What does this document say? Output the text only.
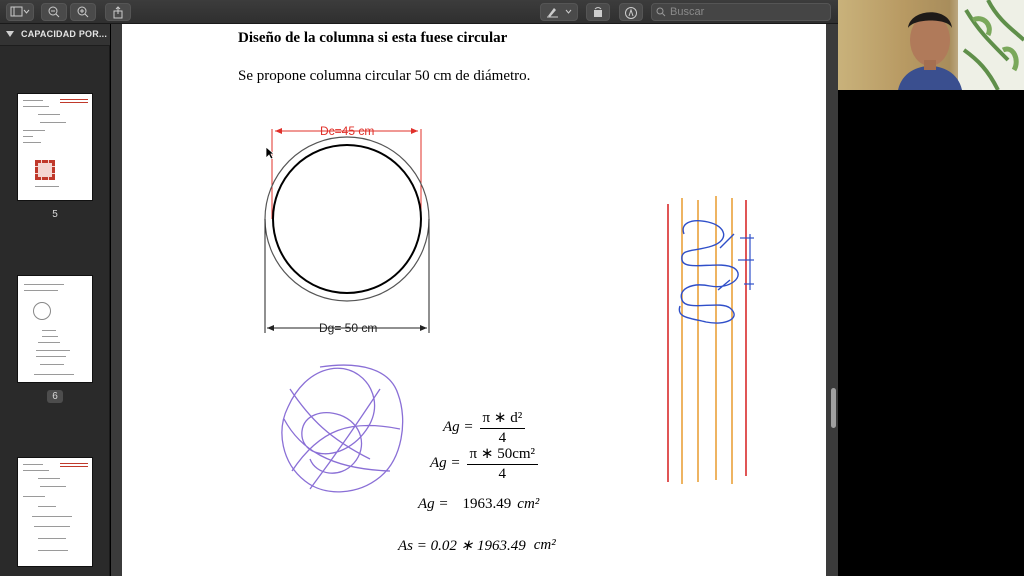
Buscar
CAPACIDAD POR...
5
6
Diseño de la columna si esta fuese circular
Se propone columna circular 50 cm de diámetro.
Dc=45 cm
Dg= 50 cm
$Ag = \frac{\text{π ∗ d²}}{4}$
$Ag = \frac{\text{π ∗ 50cm²}}{4}$
Ag = 1963.49 cm²
As = 0.02 ∗ 1963.49 cm²
